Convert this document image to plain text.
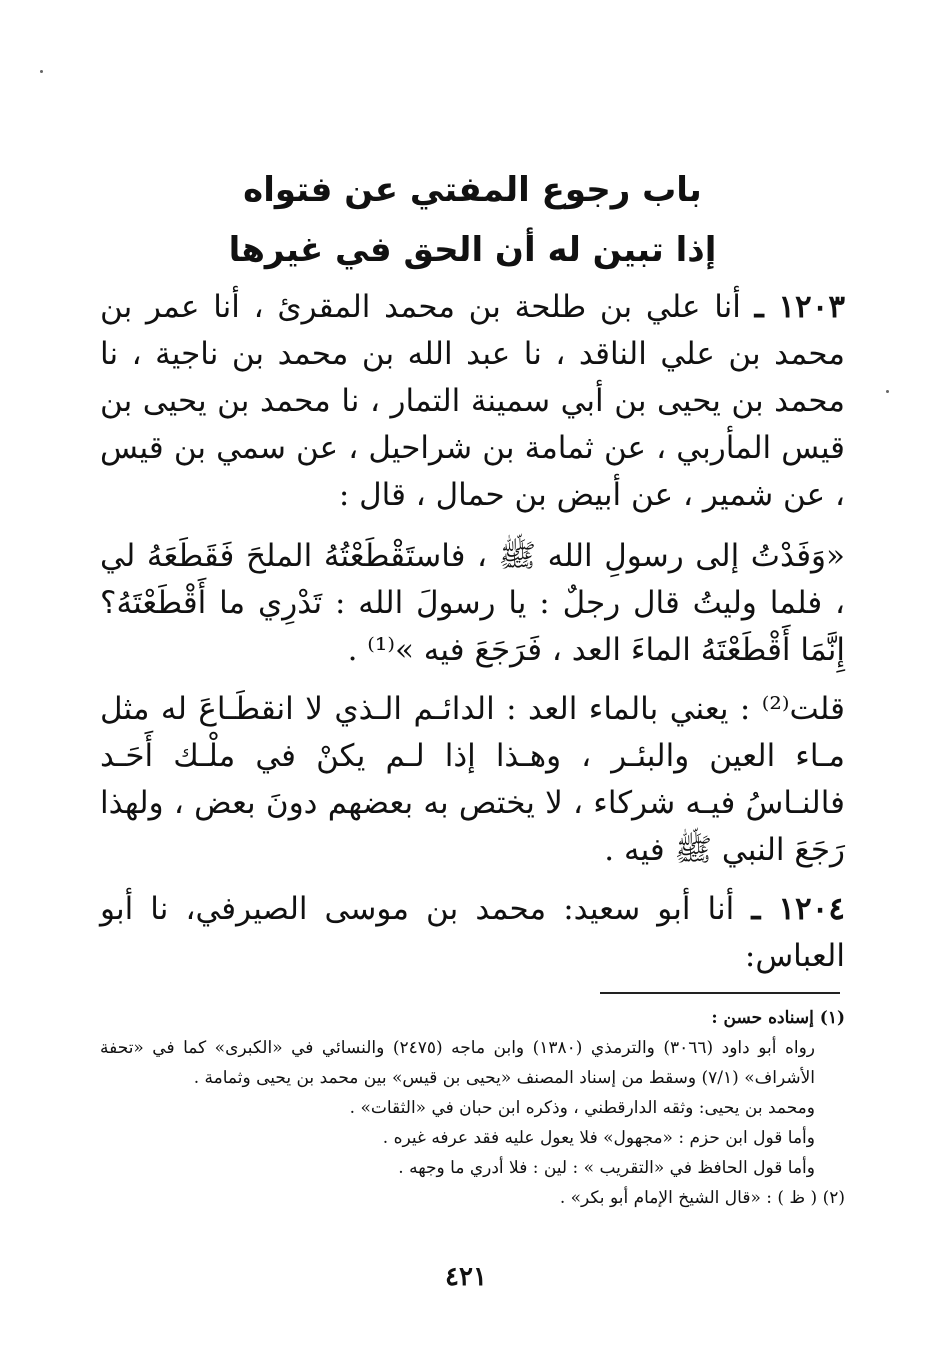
باب رجوع المفتي عن فتواه

إذا تبين له أن الحق في غيرها

١٢٠٣ ـ أنا علي بن طلحة بن محمد المقرئ ، أنا عمر بن محمد بن علي الناقد ، نا عبد الله بن محمد بن ناجية ، نا محمد بن يحيى بن أبي سمينة التمار ، نا محمد بن يحيى بن قيس المأربي ، عن ثمامة بن شراحيل ، عن سمي بن قيس ، عن شمير ، عن أبيض بن حمال ، قال :

«وَفَدْتُ إلى رسولِ الله ﷺ ، فاستَقْطَعْتُهُ الملحَ فَقَطَعَهُ لي ، فلما وليتُ قال رجلٌ : يا رسولَ الله : تَدْرِي ما أَقْطَعْتَهُ؟ إِنَّمَا أَقْطَعْتَهُ الماءَ العد ، فَرَجَعَ فيه »⁽¹⁾ .

قلت⁽²⁾ : يعني بالماء العد : الدائـم الـذي لا انقطَـاعَ له مثل مـاء العين والبئـر ، وهـذا إذا لـم يكنْ في ملْـك أَحَـد فالنـاسُ فيـه شركاء ، لا يختص به بعضهم دونَ بعض ، ولهذا رَجَعَ النبي ﷺ فيه .

١٢٠٤ ـ أنا أبو سعيد: محمد بن موسى الصيرفي، نا أبو العباس:

(١) إسناده حسن :

رواه أبو داود (٣٠٦٦) والترمذي (١٣٨٠) وابن ماجه (٢٤٧٥) والنسائي في «الكبرى» كما في «تحفة الأشراف» (٧/١) وسقط من إسناد المصنف «يحيى بن قيس» بين محمد بن يحيى وثمامة .

ومحمد بن يحيى: وثقه الدارقطني ، وذكره ابن حبان في «الثقات» .

وأما قول ابن حزم : «مجهول» فلا يعول عليه فقد عرفه غيره .

وأما قول الحافظ في «التقريب » : لين : فلا أدري ما وجهه .

(٢) ( ظ ) : «قال الشيخ الإمام أبو بكر» .

٤٢١
